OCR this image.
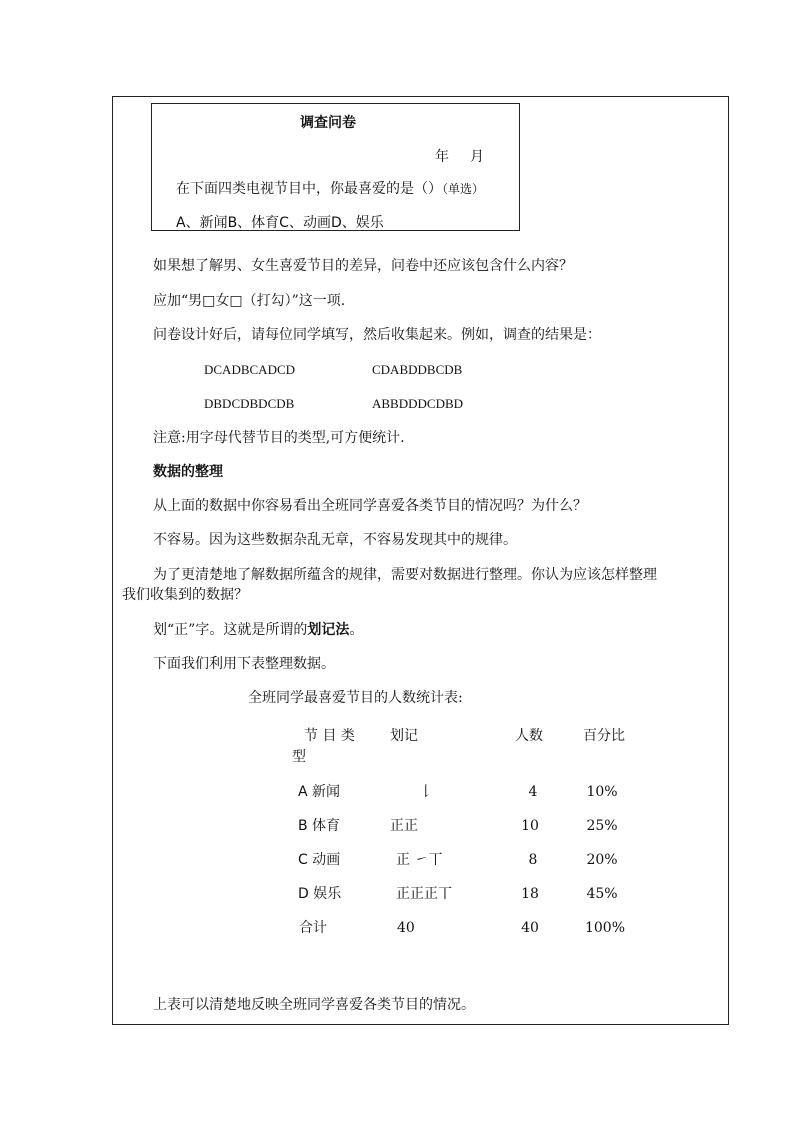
调查问卷
年 月
在下面四类电视节目中，你最喜爱的是（）（单选）
A、新闻B、体育C、动画D、娱乐
如果想了解男、女生喜爱节目的差异，问卷中还应该包含什么内容？
应加“男□女□（打勾）”这一项.
问卷设计好后，请每位同学填写，然后收集起来。例如，调查的结果是：
DCADBCADCD	CDABDDBCDB
DBDCDBDCDB	ABBDDDCDBD
注意:用字母代替节目的类型,可方便统计.
数据的整理
从上面的数据中你容易看出全班同学喜爱各类节目的情况吗？为什么？
不容易。因为这些数据杂乱无章，不容易发现其中的规律。
为了更清楚地了解数据所蕴含的规律，需要对数据进行整理。你认为应该怎样整理
我们收集到的数据？
划“正”字。这就是所谓的划记法。
下面我们利用下表整理数据。
全班同学最喜爱节目的人数统计表:
节 目 类
型
划记	人数	百分比
A 新闻	𠄌	4	10%
B 体育	正正	10	25%
C 动画	正 ㇀丅	8	20%
D 娱乐	正正正丅	18	45%
合计	40	40	100%
上表可以清楚地反映全班同学喜爱各类节目的情况。
